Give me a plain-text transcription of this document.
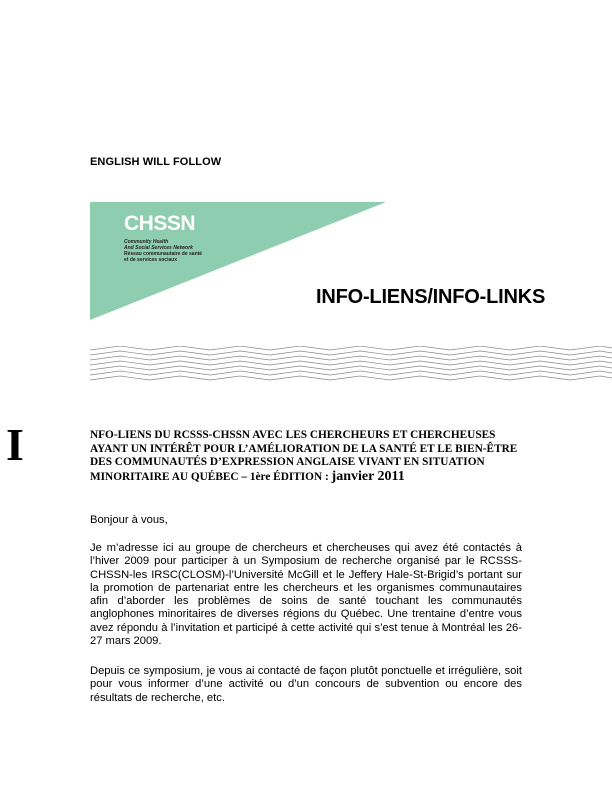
ENGLISH WILL FOLLOW
CHSSN
Community Health
And Social Services Network
Réseau communautaire de santé
et de services sociaux
INFO-LIENS/INFO-LINKS
I	NFO-LIENS DU RCSSS-CHSSN AVEC LES CHERCHEURS ET CHERCHEUSES AYANT UN INTÉRÊT POUR L’AMÉLIORATION DE LA SANTÉ ET LE BIEN-ÊTRE DES COMMUNAUTÉS D’EXPRESSION ANGLAISE VIVANT EN SITUATION MINORITAIRE AU QUÉBEC – 1ère ÉDITION : janvier 2011
Bonjour à vous,
Je m’adresse ici au groupe de chercheurs et chercheuses qui avez été contactés à l’hiver 2009 pour participer à un Symposium de recherche organisé par le RCSSS-CHSSN-les IRSC(CLOSM)-l’Université McGill et le Jeffery Hale-St-Brigid’s portant sur la promotion de partenariat entre les chercheurs et les organismes communautaires afin d’aborder les problèmes de soins de santé touchant les communautés anglophones minoritaires de diverses régions du Québec. Une trentaine d’entre vous avez répondu à l’invitation et participé à cette activité qui s’est tenue à Montréal les 26-27 mars 2009.
Depuis ce symposium, je vous ai contacté de façon plutôt ponctuelle et irrégulière, soit pour vous informer d’une activité ou d’un concours de subvention ou encore des résultats de recherche, etc.
